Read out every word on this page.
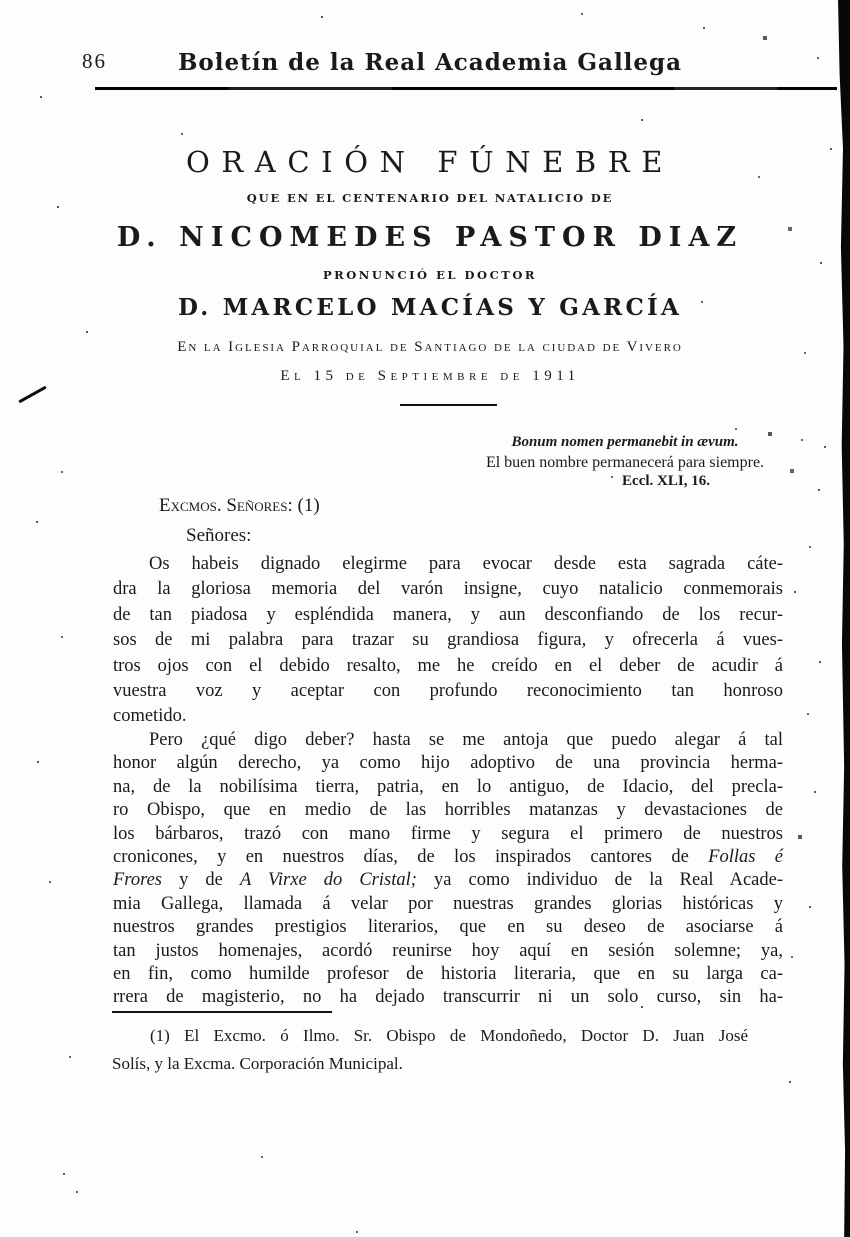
86	Boletín de la Real Academia Gallega
ORACIÓN FÚNEBRE
QUE EN EL CENTENARIO DEL NATALICIO DE
D. NICOMEDES PASTOR DIAZ
PRONUNCIÓ EL DOCTOR
D. MARCELO MACÍAS Y GARCÍA
En la Iglesia Parroquial de Santiago de la ciudad de Vivero
El 15 de Septiembre de 1911
Bonum nomen permanebit in ævum.
El buen nombre permanecerá para siempre.
Eccl. XLI, 16.
Excmos. Señores: (1)
Señores:
Os habeis dignado elegirme para evocar desde esta sagrada cáte-
dra la gloriosa memoria del varón insigne, cuyo natalicio conmemorais
de tan piadosa y espléndida manera, y aun desconfiando de los recur-
sos de mi palabra para trazar su grandiosa figura, y ofrecerla á vues-
tros ojos con el debido resalto, me he creído en el deber de acudir á
vuestra voz y aceptar con profundo reconocimiento tan honroso
cometido.
Pero ¿qué digo deber? hasta se me antoja que puedo alegar á tal
honor algún derecho, ya como hijo adoptivo de una provincia herma-
na, de la nobilísima tierra, patria, en lo antiguo, de Idacio, del precla-
ro Obispo, que en medio de las horribles matanzas y devastaciones de
los bárbaros, trazó con mano firme y segura el primero de nuestros
cronicones, y en nuestros días, de los inspirados cantores de Follas é
Frores y de A Virxe do Cristal; ya como individuo de la Real Acade-
mia Gallega, llamada á velar por nuestras grandes glorias históricas y
nuestros grandes prestigios literarios, que en su deseo de asociarse á
tan justos homenajes, acordó reunirse hoy aquí en sesión solemne; ya,
en fin, como humilde profesor de historia literaria, que en su larga ca-
rrera de magisterio, no ha dejado transcurrir ni un solo curso, sin ha-
(1) El Excmo. ó Ilmo. Sr. Obispo de Mondoñedo, Doctor D. Juan José
Solís, y la Excma. Corporación Municipal.
